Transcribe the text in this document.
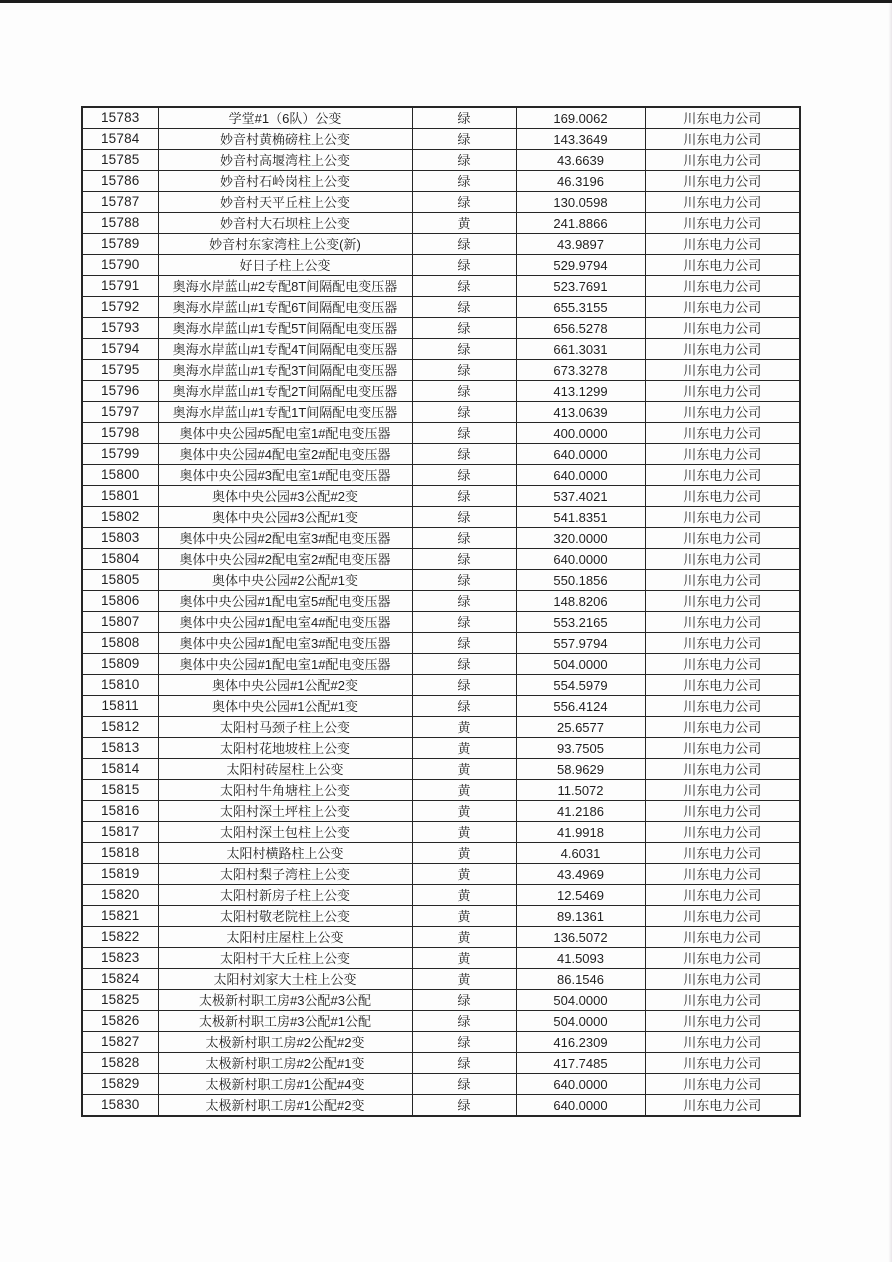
15783	学堂#1（6队）公变	绿	169.0062	川东电力公司
15784	妙音村黄桷磅柱上公变	绿	143.3649	川东电力公司
15785	妙音村高堰湾柱上公变	绿	43.6639	川东电力公司
15786	妙音村石岭岗柱上公变	绿	46.3196	川东电力公司
15787	妙音村天平丘柱上公变	绿	130.0598	川东电力公司
15788	妙音村大石坝柱上公变	黄	241.8866	川东电力公司
15789	妙音村东家湾柱上公变(新)	绿	43.9897	川东电力公司
15790	好日子柱上公变	绿	529.9794	川东电力公司
15791	奥海水岸蓝山#2专配8T间隔配电变压器	绿	523.7691	川东电力公司
15792	奥海水岸蓝山#1专配6T间隔配电变压器	绿	655.3155	川东电力公司
15793	奥海水岸蓝山#1专配5T间隔配电变压器	绿	656.5278	川东电力公司
15794	奥海水岸蓝山#1专配4T间隔配电变压器	绿	661.3031	川东电力公司
15795	奥海水岸蓝山#1专配3T间隔配电变压器	绿	673.3278	川东电力公司
15796	奥海水岸蓝山#1专配2T间隔配电变压器	绿	413.1299	川东电力公司
15797	奥海水岸蓝山#1专配1T间隔配电变压器	绿	413.0639	川东电力公司
15798	奥体中央公园#5配电室1#配电变压器	绿	400.0000	川东电力公司
15799	奥体中央公园#4配电室2#配电变压器	绿	640.0000	川东电力公司
15800	奥体中央公园#3配电室1#配电变压器	绿	640.0000	川东电力公司
15801	奥体中央公园#3公配#2变	绿	537.4021	川东电力公司
15802	奥体中央公园#3公配#1变	绿	541.8351	川东电力公司
15803	奥体中央公园#2配电室3#配电变压器	绿	320.0000	川东电力公司
15804	奥体中央公园#2配电室2#配电变压器	绿	640.0000	川东电力公司
15805	奥体中央公园#2公配#1变	绿	550.1856	川东电力公司
15806	奥体中央公园#1配电室5#配电变压器	绿	148.8206	川东电力公司
15807	奥体中央公园#1配电室4#配电变压器	绿	553.2165	川东电力公司
15808	奥体中央公园#1配电室3#配电变压器	绿	557.9794	川东电力公司
15809	奥体中央公园#1配电室1#配电变压器	绿	504.0000	川东电力公司
15810	奥体中央公园#1公配#2变	绿	554.5979	川东电力公司
15811	奥体中央公园#1公配#1变	绿	556.4124	川东电力公司
15812	太阳村马颈子柱上公变	黄	25.6577	川东电力公司
15813	太阳村花地坡柱上公变	黄	93.7505	川东电力公司
15814	太阳村砖屋柱上公变	黄	58.9629	川东电力公司
15815	太阳村牛角塘柱上公变	黄	11.5072	川东电力公司
15816	太阳村深土坪柱上公变	黄	41.2186	川东电力公司
15817	太阳村深土包柱上公变	黄	41.9918	川东电力公司
15818	太阳村横路柱上公变	黄	4.6031	川东电力公司
15819	太阳村梨子湾柱上公变	黄	43.4969	川东电力公司
15820	太阳村新房子柱上公变	黄	12.5469	川东电力公司
15821	太阳村敬老院柱上公变	黄	89.1361	川东电力公司
15822	太阳村庄屋柱上公变	黄	136.5072	川东电力公司
15823	太阳村干大丘柱上公变	黄	41.5093	川东电力公司
15824	太阳村刘家大土柱上公变	黄	86.1546	川东电力公司
15825	太极新村职工房#3公配#3公配	绿	504.0000	川东电力公司
15826	太极新村职工房#3公配#1公配	绿	504.0000	川东电力公司
15827	太极新村职工房#2公配#2变	绿	416.2309	川东电力公司
15828	太极新村职工房#2公配#1变	绿	417.7485	川东电力公司
15829	太极新村职工房#1公配#4变	绿	640.0000	川东电力公司
15830	太极新村职工房#1公配#2变	绿	640.0000	川东电力公司
